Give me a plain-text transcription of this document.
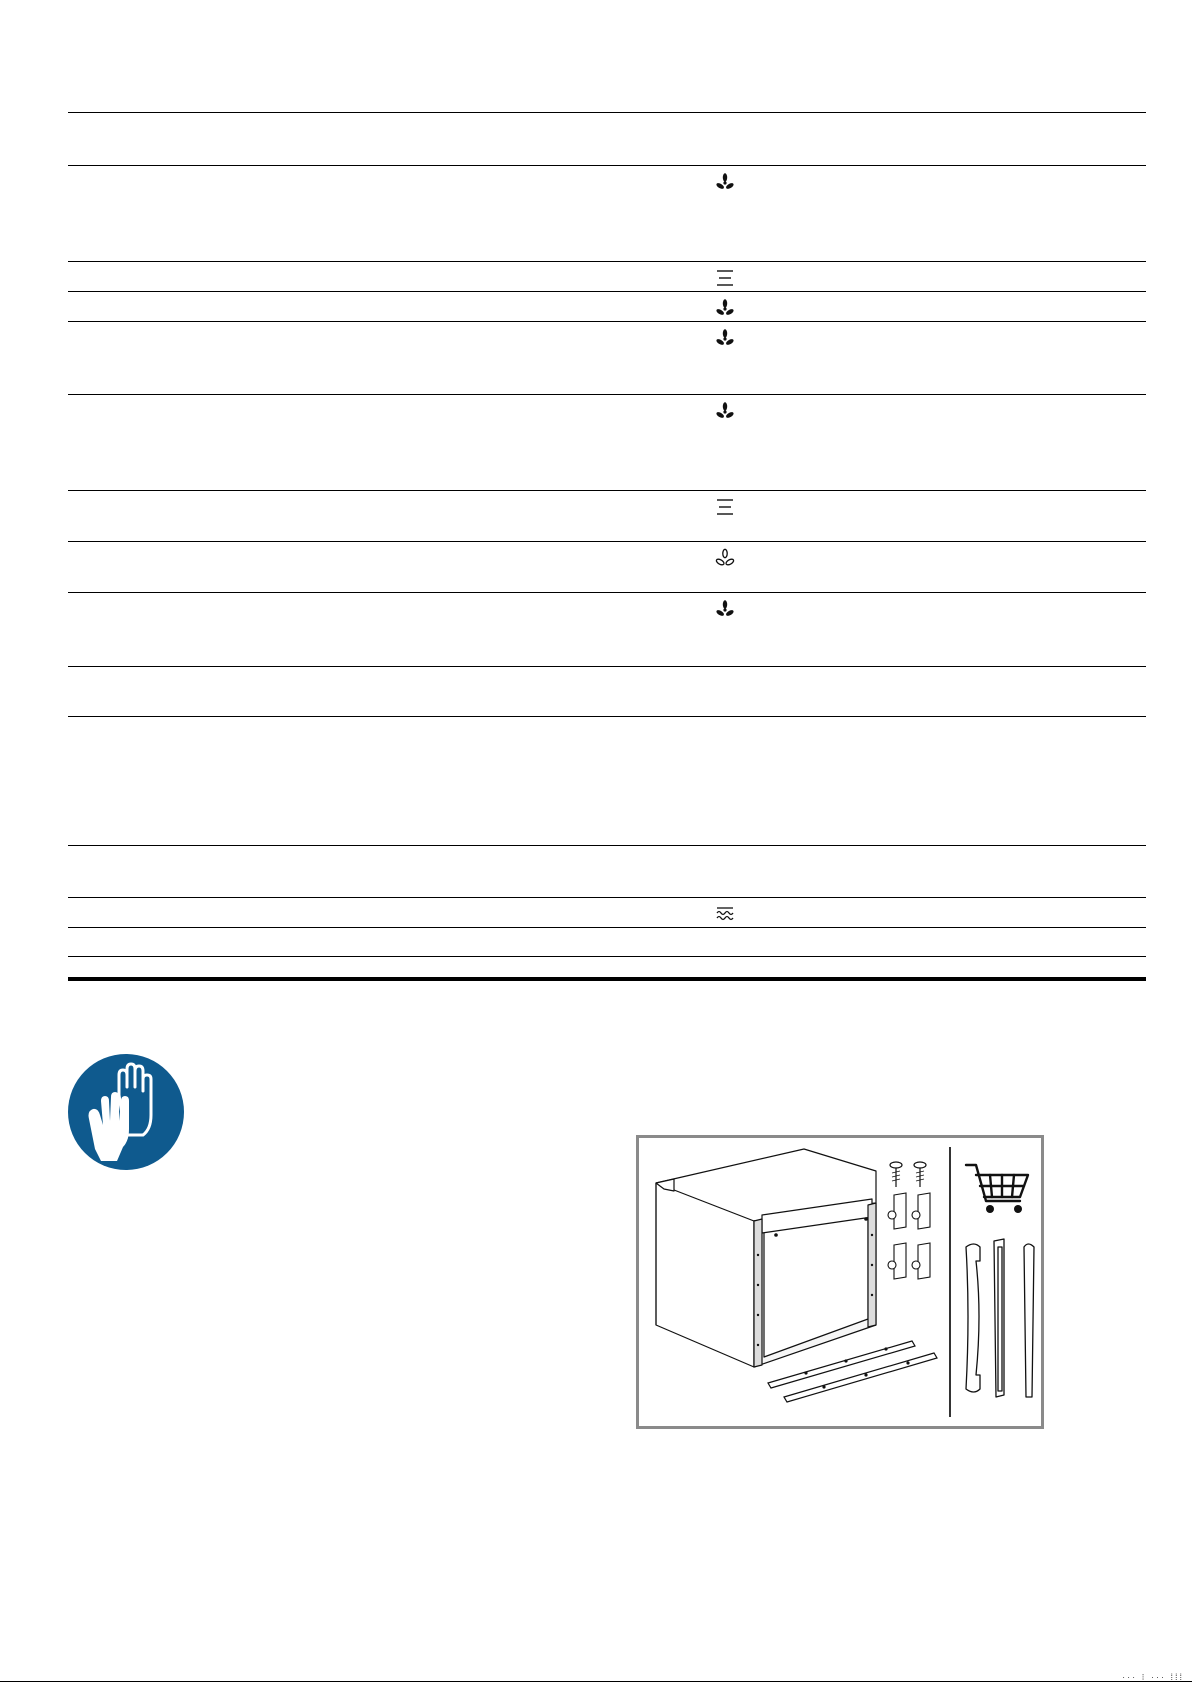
··· ⁝ ··· ⁞⁞⁞
